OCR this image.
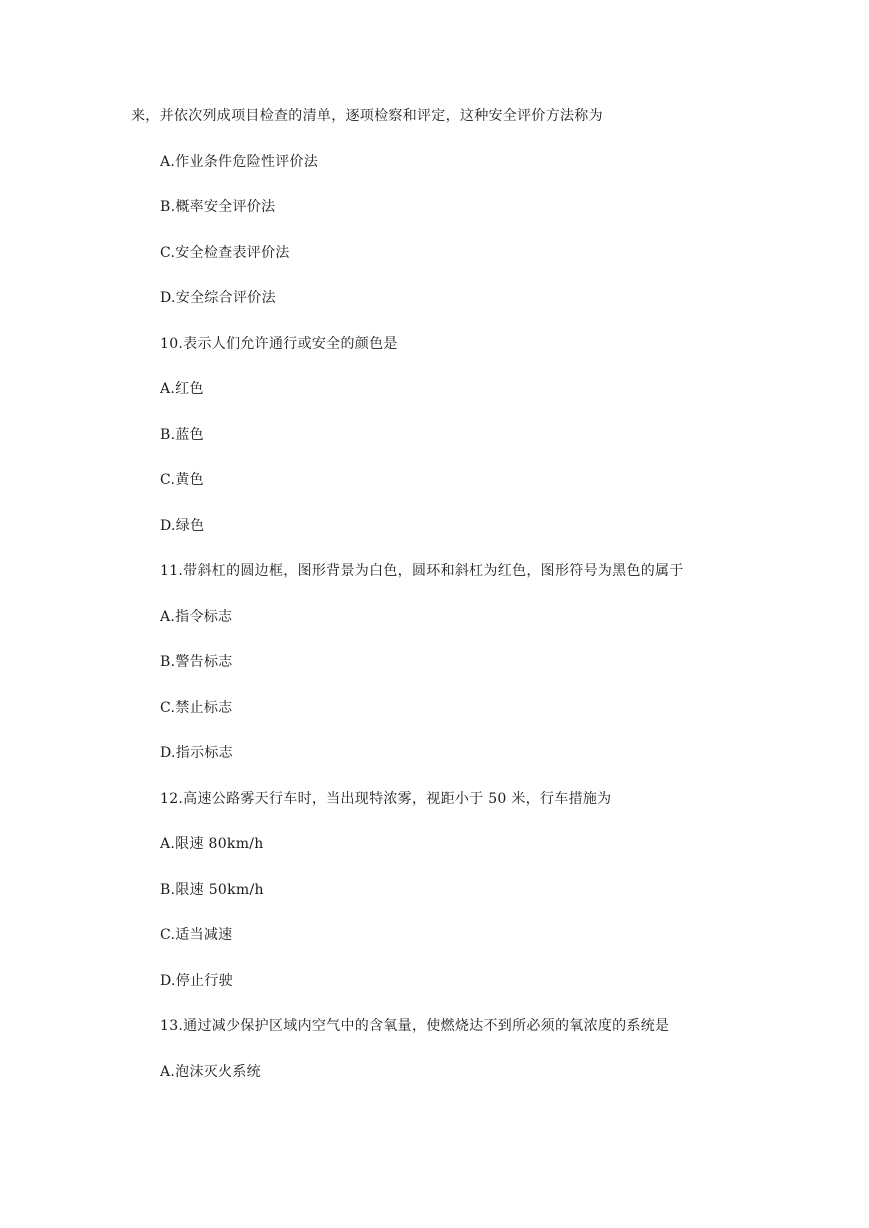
来，并依次列成项目检查的清单，逐项检察和评定，这种安全评价方法称为
A.作业条件危险性评价法
B.概率安全评价法
C.安全检查表评价法
D.安全综合评价法
10.表示人们允许通行或安全的颜色是
A.红色
B.蓝色
C.黄色
D.绿色
11.带斜杠的圆边框，图形背景为白色，圆环和斜杠为红色，图形符号为黑色的属于
A.指令标志
B.警告标志
C.禁止标志
D.指示标志
12.高速公路雾天行车时，当出现特浓雾，视距小于 50 米，行车措施为
A.限速 80km/h
B.限速 50km/h
C.适当减速
D.停止行驶
13.通过减少保护区域内空气中的含氧量，使燃烧达不到所必须的氧浓度的系统是
A.泡沫灭火系统
